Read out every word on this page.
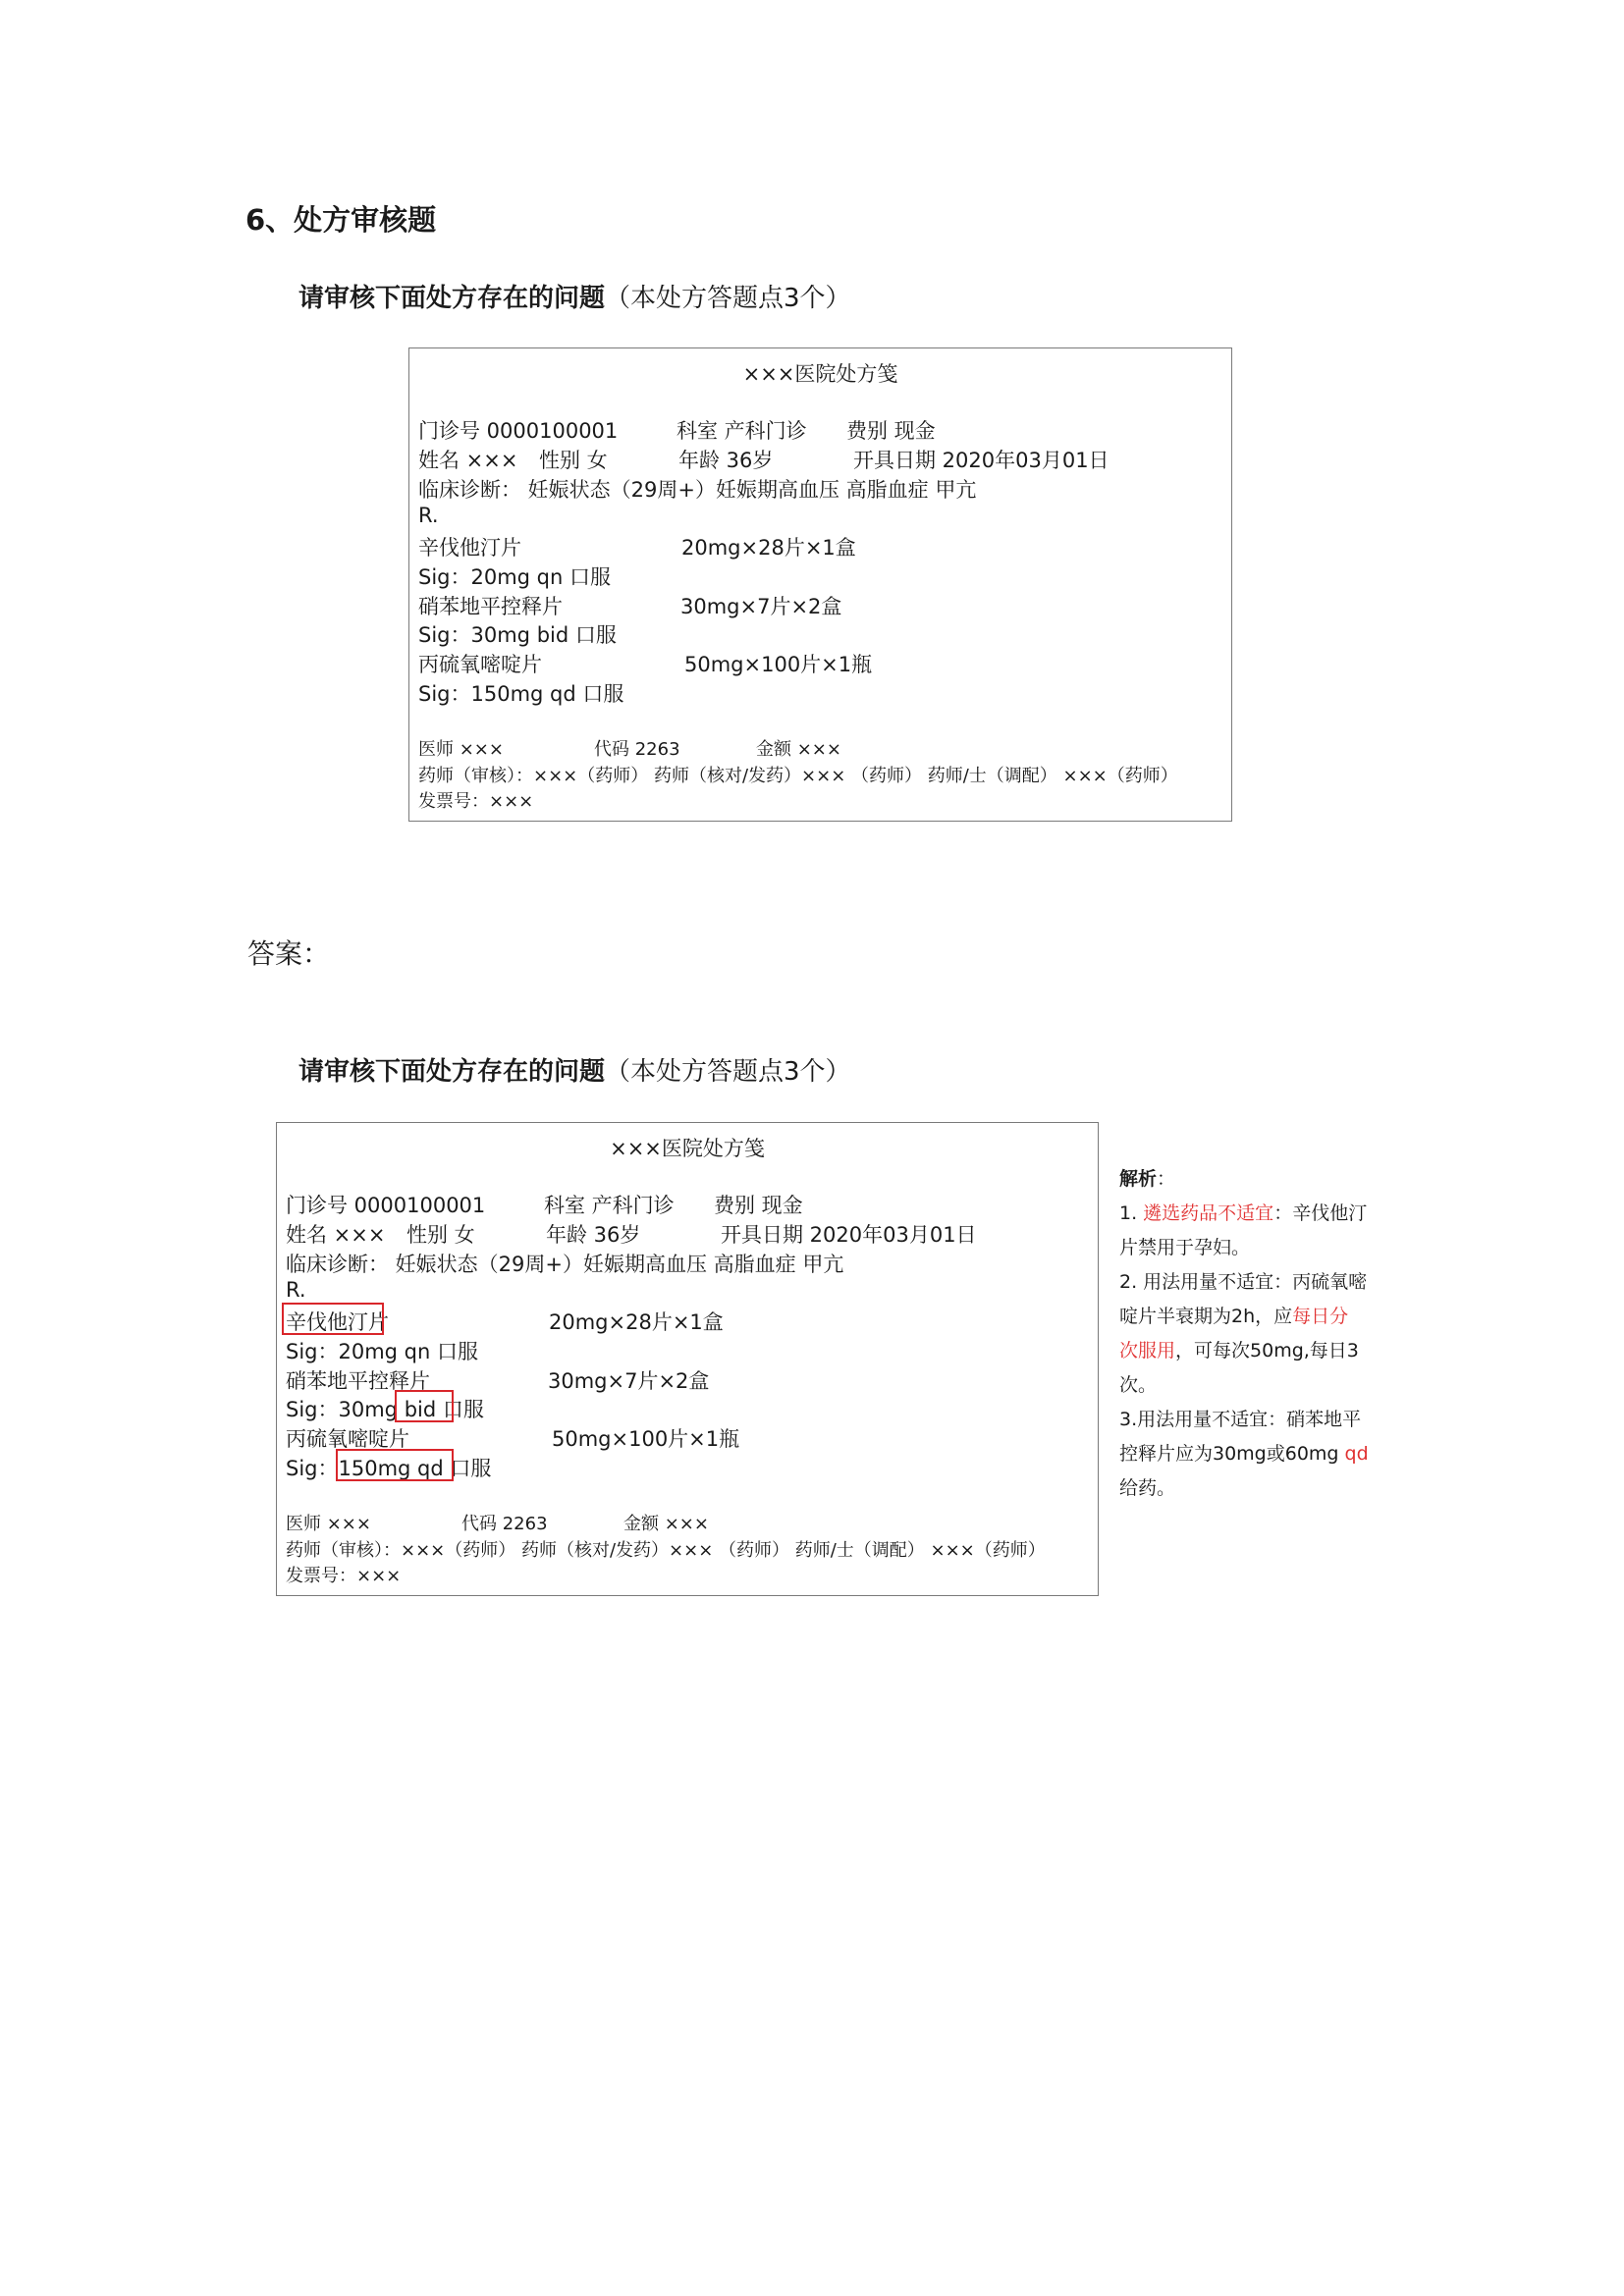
6、处方审核题
请审核下面处方存在的问题（本处方答题点3个）
×××医院处方笺
门诊号 0000100001	科室 产科门诊 费别 现金
姓名 ××× 性别 女	年龄 36岁	开具日期 2020年03月01日
临床诊断： 妊娠状态（29周+）妊娠期高血压 高脂血症 甲亢
R.
辛伐他汀片	20mg×28片×1盒
Sig：20mg qn 口服
硝苯地平控释片	30mg×7片×2盒
Sig：30mg bid 口服
丙硫氧嘧啶片	50mg×100片×1瓶
Sig：150mg qd 口服
医师 ×××	代码 2263	金额 ×××
药师（审核）：×××（药师） 药师（核对/发药）××× （药师） 药师/士（调配） ×××（药师）
发票号：×××
答案：
请审核下面处方存在的问题（本处方答题点3个）
×××医院处方笺
门诊号 0000100001	科室 产科门诊 费别 现金
姓名 ××× 性别 女	年龄 36岁	开具日期 2020年03月01日
临床诊断： 妊娠状态（29周+）妊娠期高血压 高脂血症 甲亢
R.
辛伐他汀片	20mg×28片×1盒
Sig：20mg qn 口服
硝苯地平控释片	30mg×7片×2盒
Sig：30mg bid 口服
丙硫氧嘧啶片	50mg×100片×1瓶
Sig：150mg qd 口服
医师 ×××	代码 2263	金额 ×××
药师（审核）：×××（药师） 药师（核对/发药）××× （药师） 药师/士（调配） ×××（药师）
发票号：×××

解析：

1. 遴选药品不适宜：辛伐他汀

片禁用于孕妇。

2. 用法用量不适宜：丙硫氧嘧

啶片半衰期为2h，应每日分

次服用，可每次50mg,每日3

次。

3.用法用量不适宜：硝苯地平

控释片应为30mg或60mg qd

给药。
